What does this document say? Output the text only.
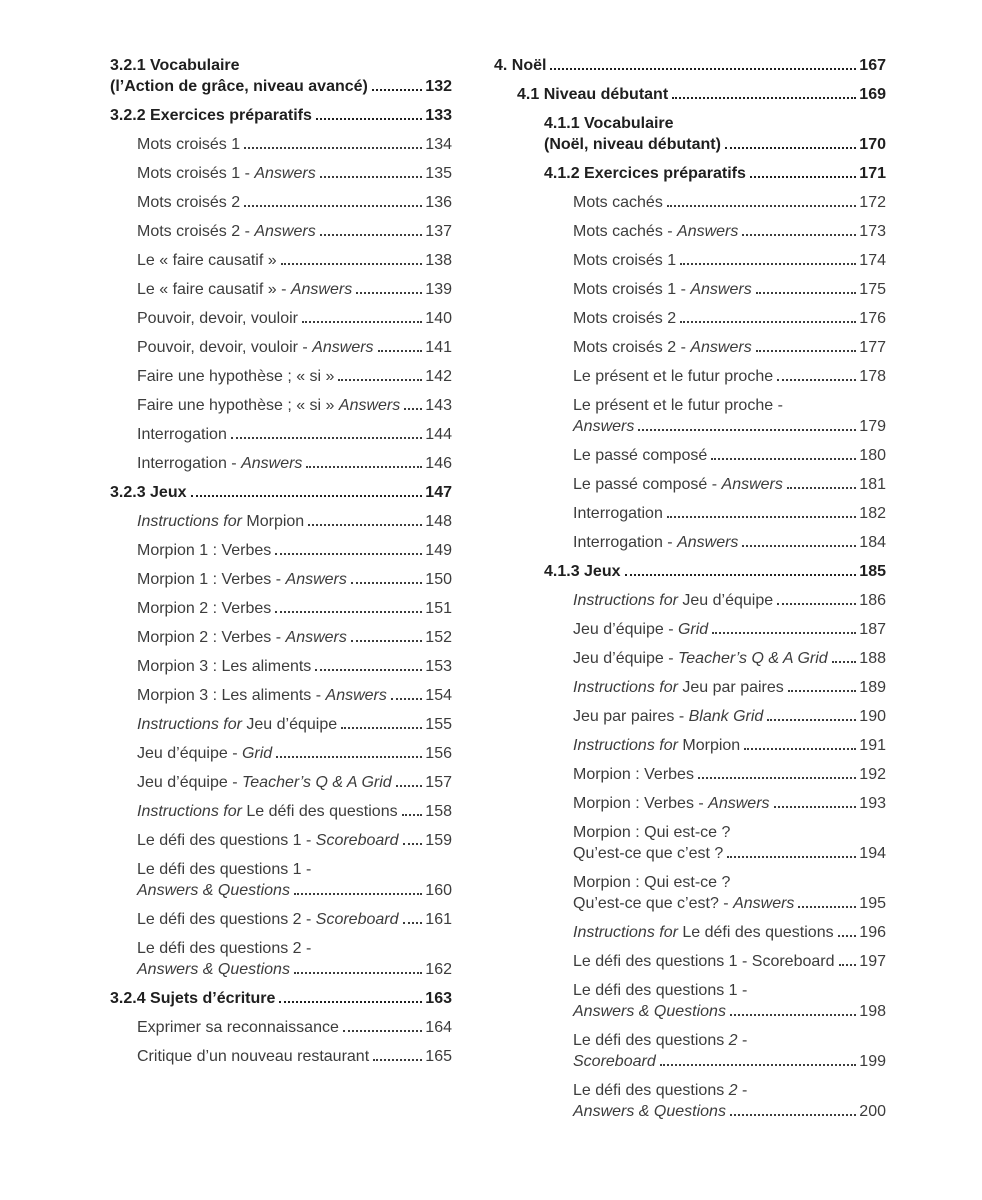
3.2.1 Vocabulaire
(l’Action de grâce, niveau avancé)	132
3.2.2 Exercices préparatifs	133
Mots croisés 1	134
Mots croisés 1 - Answers	135
Mots croisés 2	136
Mots croisés 2 - Answers	137
Le « faire causatif »	138
Le « faire causatif » - Answers	139
Pouvoir, devoir, vouloir	140
Pouvoir, devoir, vouloir - Answers	141
Faire une hypothèse ; « si »	142
Faire une hypothèse ; « si » Answers 143
Interrogation	144
Interrogation - Answers	146
3.2.3 Jeux	147
Instructions for Morpion	148
Morpion 1 : Verbes	149
Morpion 1 : Verbes - Answers	150
Morpion 2 : Verbes	151
Morpion 2 : Verbes - Answers	152
Morpion 3 : Les aliments	153
Morpion 3 : Les aliments - Answers 154
Instructions for Jeu d’équipe	155
Jeu d’équipe - Grid	156
Jeu d’équipe - Teacher’s Q & A Grid 157
Instructions for Le défi des questions 158
Le défi des questions 1 - Scoreboard 159
Le défi des questions 1 -
Answers & Questions	160
Le défi des questions 2 - Scoreboard 161
Le défi des questions 2 -
Answers & Questions	162
3.2.4 Sujets d’écriture	163
Exprimer sa reconnaissance	164
Critique d’un nouveau restaurant	165
4. Noël	167
4.1 Niveau débutant	169
4.1.1 Vocabulaire
(Noël, niveau débutant)	170
4.1.2 Exercices préparatifs	171
Mots cachés	172
Mots cachés - Answers	173
Mots croisés 1	174
Mots croisés 1 - Answers	175
Mots croisés 2	176
Mots croisés 2 - Answers	177
Le présent et le futur proche	178
Le présent et le futur proche -
Answers	179
Le passé composé	180
Le passé composé - Answers	181
Interrogation	182
Interrogation - Answers	184
4.1.3 Jeux	185
Instructions for Jeu d’équipe	186
Jeu d’équipe - Grid	187
Jeu d’équipe - Teacher’s Q & A Grid 188
Instructions for Jeu par paires	189
Jeu par paires - Blank Grid	190
Instructions for Morpion	191
Morpion : Verbes	192
Morpion : Verbes - Answers	193
Morpion : Qui est-ce ?
Qu’est-ce que c’est ?	194
Morpion : Qui est-ce ?
Qu’est-ce que c’est? - Answers	195
Instructions for Le défi des questions 196
Le défi des questions 1 - Scoreboard 197
Le défi des questions 1 -
Answers & Questions	198
Le défi des questions 2 -
Scoreboard	199
Le défi des questions 2 -
Answers & Questions	200
